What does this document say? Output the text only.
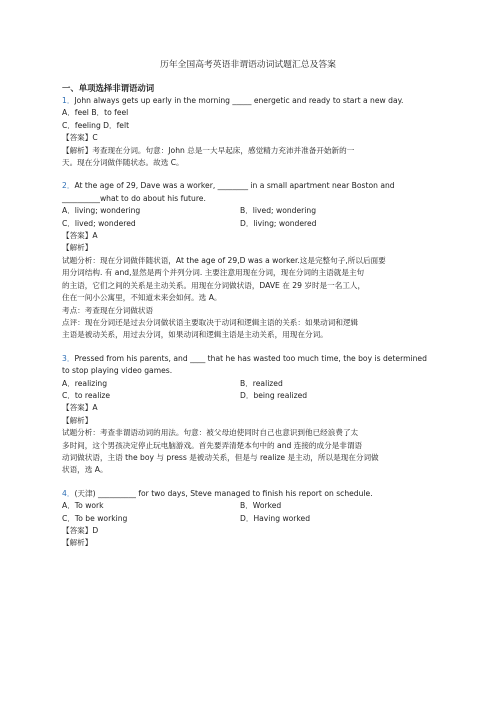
历年全国高考英语非谓语动词试题汇总及答案
一、单项选择非谓语动词
1．John always gets up early in the morning _____ energetic and ready to start a new day.
A．feel B．to feel
C．feeling D．felt
【答案】C
【解析】考查现在分词。句意：John 总是一大早起床，感觉精力充沛并准备开始新的一
天。现在分词做伴随状态。故选 C。
2．At the age of 29, Dave was a worker, ________ in a small apartment near Boston and
__________what to do about his future.
A．living; wondering	B．lived; wondering
C．lived; wondered	D．living; wondered
【答案】A
【解析】
试题分析：现在分词做伴随状语，At the age of 29,D was a worker.这是完整句子,所以后面要
用分词结构. 有 and,显然是两个并列分词. 主要注意用现在分词，现在分词的主语就是主句
的主语，它们之间的关系是主动关系。用现在分词做状语，DAVE 在 29 岁时是一名工人，
住在一间小公寓里，不知道未来会如何。选 A。
考点：考查现在分词做状语
点评：现在分词还是过去分词做状语主要取决于动词和逻辑主语的关系：如果动词和逻辑
主语是被动关系，用过去分词，如果动词和逻辑主语是主动关系，用现在分词。
3．Pressed from his parents, and ____ that he has wasted too much time, the boy is determined
to stop playing video games.
A．realizing	B．realized
C．to realize	D．being realized
【答案】A
【解析】
试题分析：考查非谓语动词的用法。句意：被父母迫使同时自己也意识到他已经浪费了太
多时间，这个男孩决定停止玩电脑游戏。首先要弄清楚本句中的 and 连接的成分是非谓语
动词做状语，主语 the boy 与 press 是被动关系，但是与 realize 是主动，所以是现在分词做
状语，选 A。
4．(天津) __________ for two days, Steve managed to finish his report on schedule.
A．To work	B．Worked
C．To be working	D．Having worked
【答案】D
【解析】
